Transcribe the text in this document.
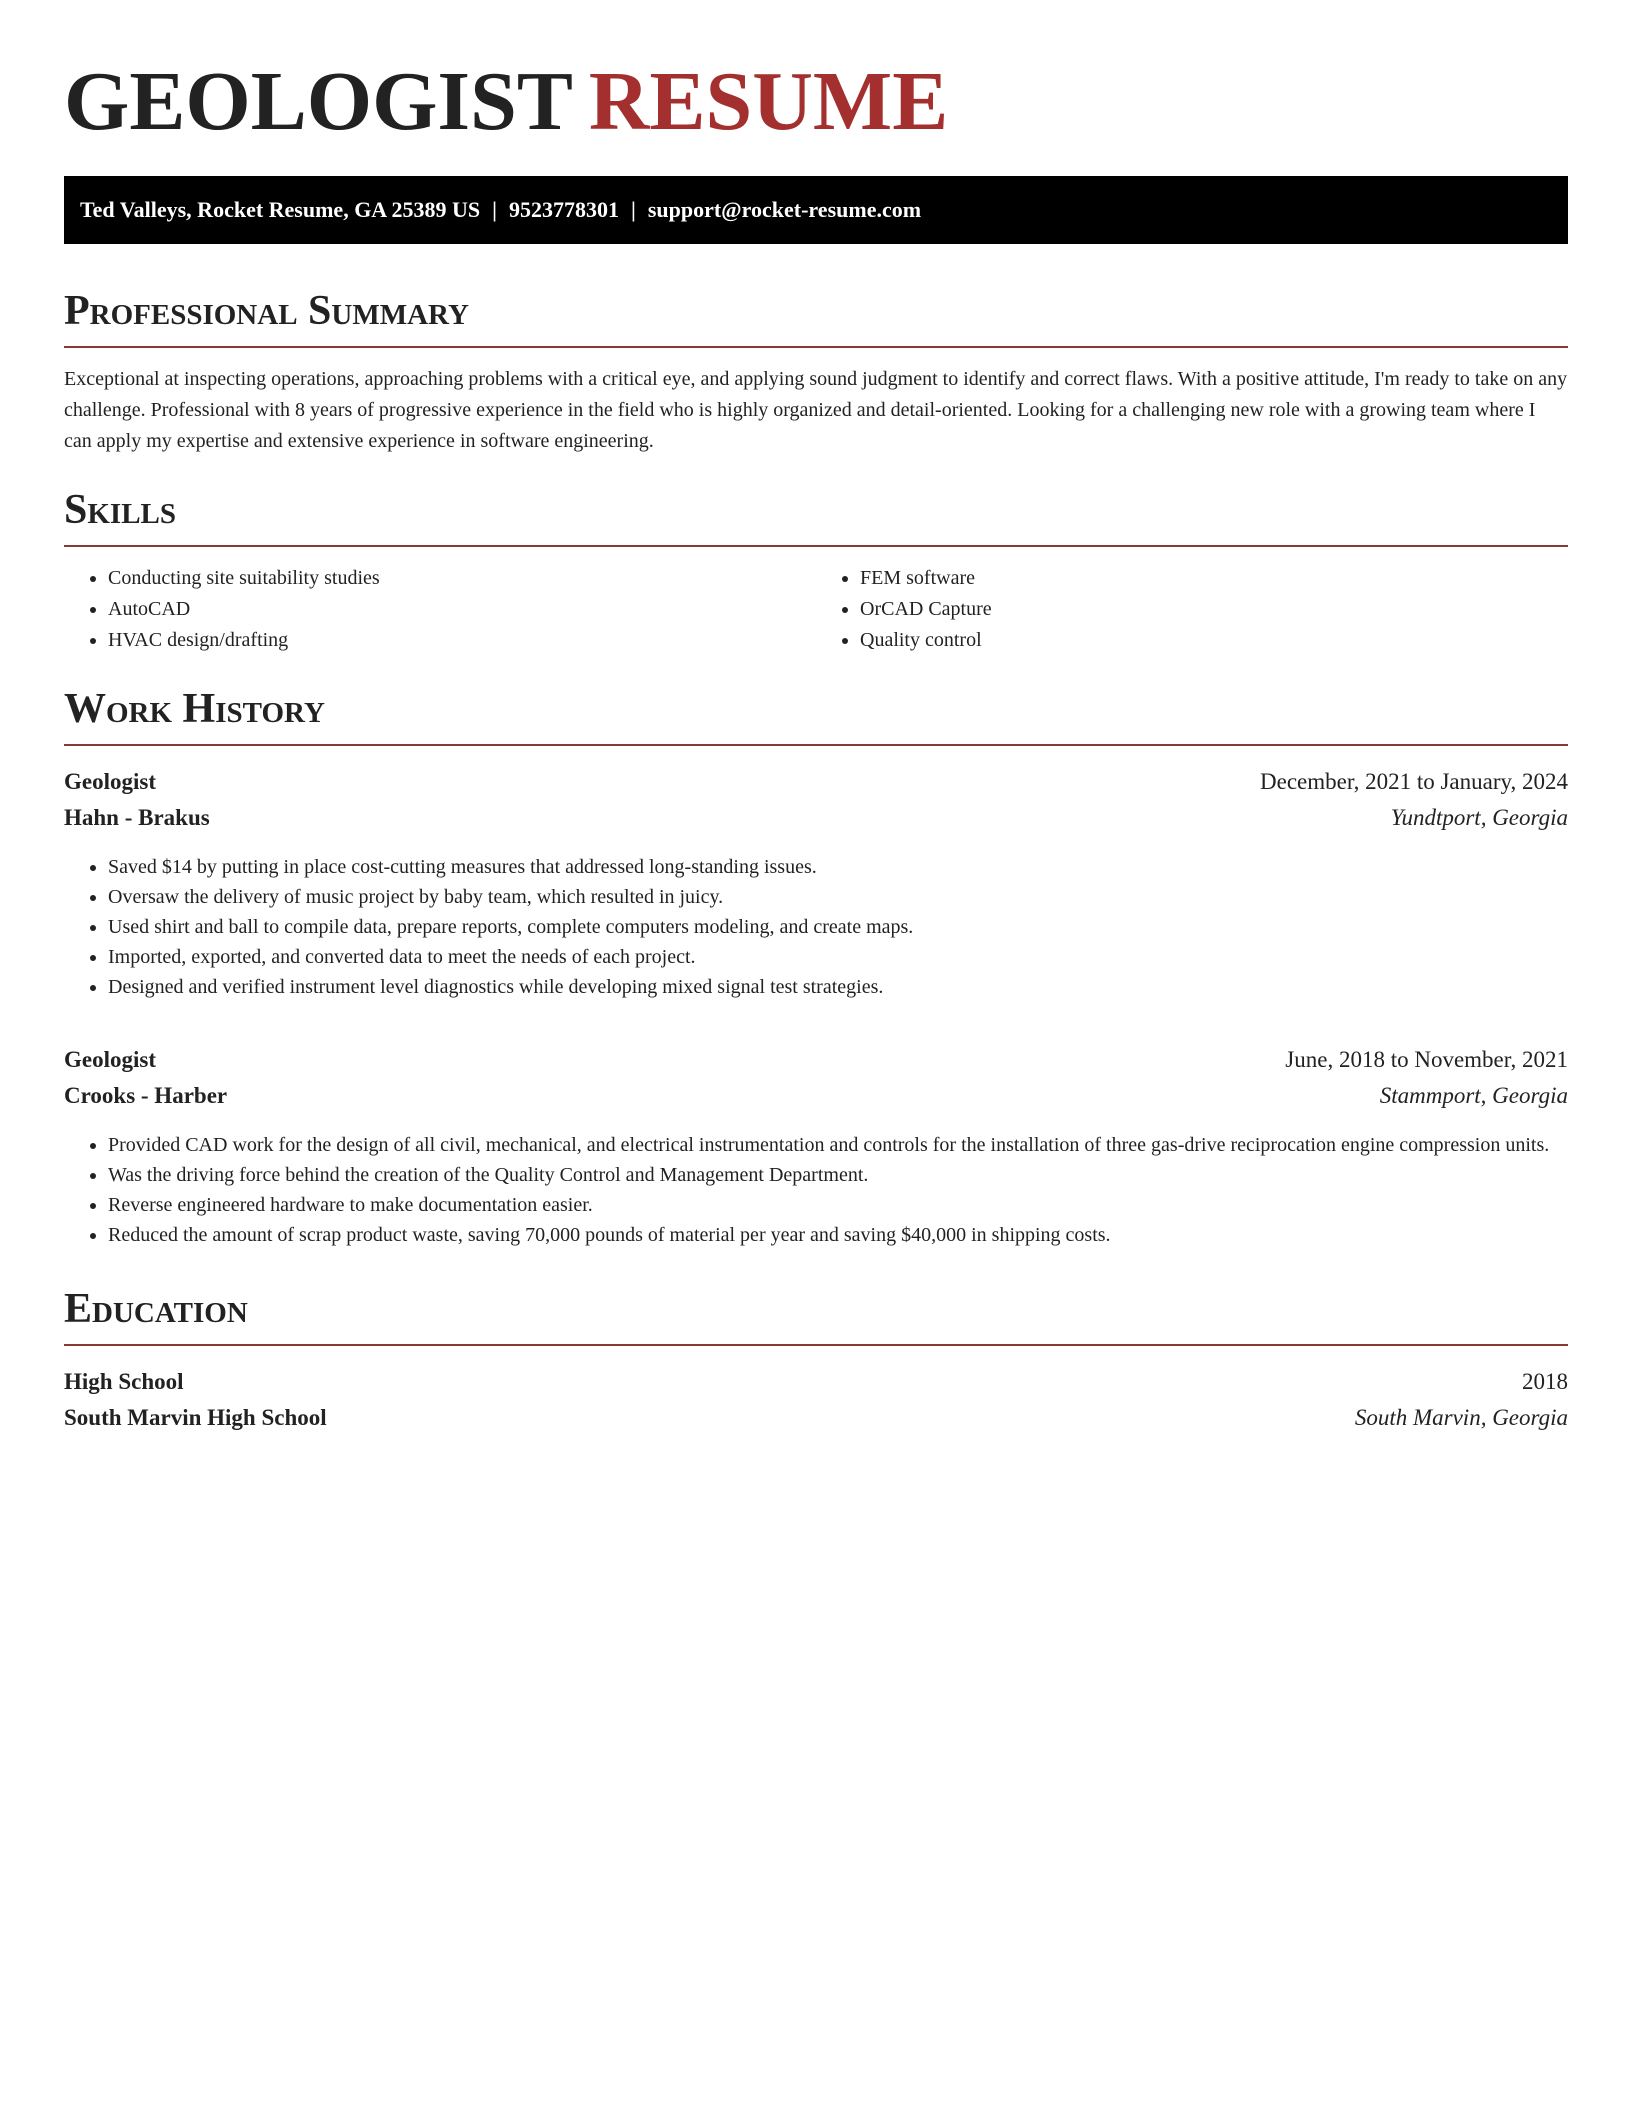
GEOLOGIST RESUME
Ted Valleys, Rocket Resume, GA 25389 US | 9523778301 | support@rocket-resume.com
Professional Summary

Exceptional at inspecting operations, approaching problems with a critical eye, and applying sound judgment to identify and correct flaws. With a positive attitude, I'm ready to take on any challenge. Professional with 8 years of progressive experience in the field who is highly organized and detail-oriented. Looking for a challenging new role with a growing team where I can apply my expertise and extensive experience in software engineering.

Skills
• Conducting site suitability studies
• AutoCAD
• HVAC design/drafting
• FEM software
• OrCAD Capture
• Quality control
Work History
Geologist	December, 2021 to January, 2024
Hahn - Brakus	Yundtport, Georgia
• Saved $14 by putting in place cost-cutting measures that addressed long-standing issues.
• Oversaw the delivery of music project by baby team, which resulted in juicy.
• Used shirt and ball to compile data, prepare reports, complete computers modeling, and create maps.
• Imported, exported, and converted data to meet the needs of each project.
• Designed and verified instrument level diagnostics while developing mixed signal test strategies.
Geologist	June, 2018 to November, 2021
Crooks - Harber	Stammport, Georgia
• Provided CAD work for the design of all civil, mechanical, and electrical instrumentation and controls for the installation of three gas-drive reciprocation engine compression units.
• Was the driving force behind the creation of the Quality Control and Management Department.
• Reverse engineered hardware to make documentation easier.
• Reduced the amount of scrap product waste, saving 70,000 pounds of material per year and saving $40,000 in shipping costs.
Education
High School	2018
South Marvin High School	South Marvin, Georgia
